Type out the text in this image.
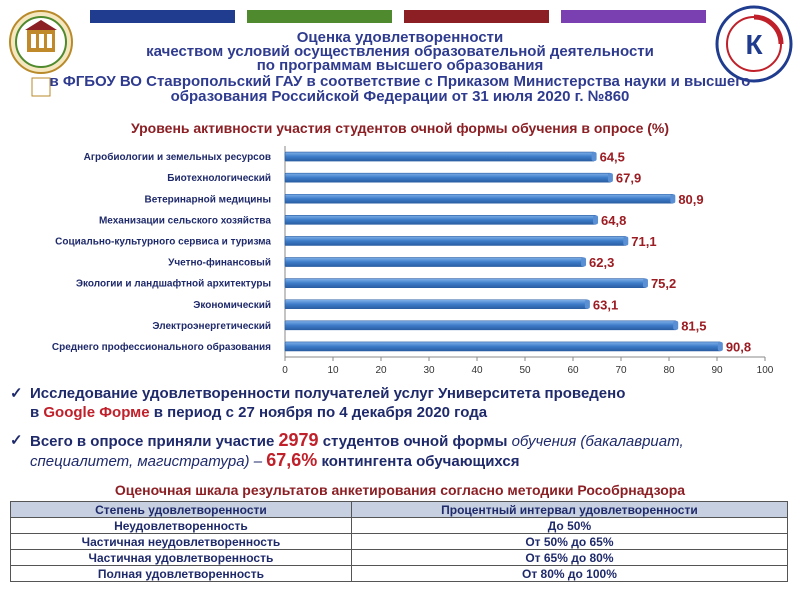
К
Оценка удовлетворенности
качеством условий осуществления образовательной деятельности
по программам высшего образования
в ФГБОУ ВО Ставропольский ГАУ в соответствие с Приказом Министерства науки и высшего
образования Российской Федерации от 31 июля 2020 г. №860
Уровень активности участия студентов очной формы обучения в опросе (%)
0	10	20	30	40	50	60	70	80	90	100
Агробиологии и земельных ресурсов	64,5
Биотехнологический	67,9
Ветеринарной медицины	80,9
Механизации сельского хозяйства	64,8
Социально-культурного сервиса и туризма	71,1
Учетно-финансовый	62,3
Экологии и ландшафтной архитектуры	75,2
Экономический	63,1
Электроэнергетический	81,5
Среднего профессионального образования	90,8
✓ Исследование удовлетворенности получателей услуг Университета проведено
в Google Форме в период с 27 ноября по 4 декабря 2020 года
✓ Всего в опросе приняли участие 2979 студентов очной формы обучения (бакалавриат,
специалитет, магистратура) – 67,6% контингента обучающихся
Оценочная шкала результатов анкетирования согласно методики Рособрнадзора
Степень удовлетворенности	Процентный интервал удовлетворенности
Неудовлетворенность	До 50%
Частичная неудовлетворенность	От 50% до 65%
Частичная удовлетворенность	От 65% до 80%
Полная удовлетворенность	От 80% до 100%
